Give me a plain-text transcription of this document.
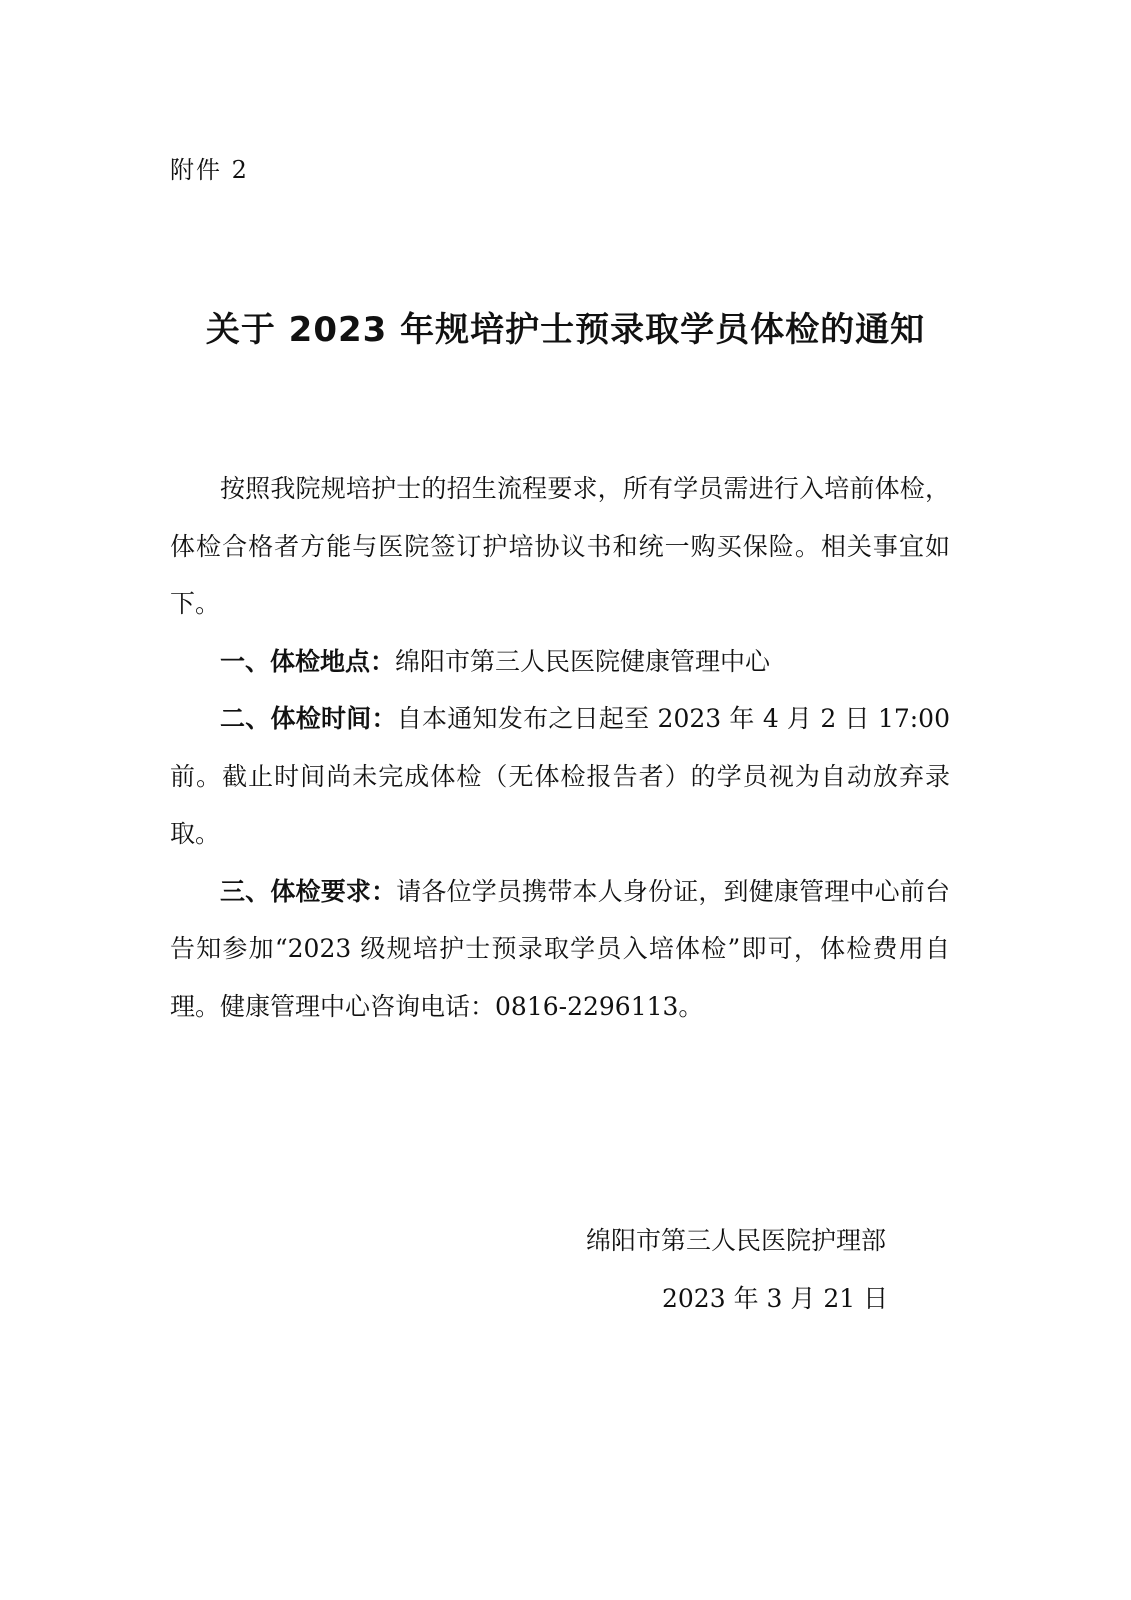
附件 2
关于 2023 年规培护士预录取学员体检的通知

按照我院规培护士的招生流程要求，所有学员需进行入培前体检，体检合格者方能与医院签订护培协议书和统一购买保险。相关事宜如下。

一、体检地点：绵阳市第三人民医院健康管理中心

二、体检时间：自本通知发布之日起至 2023 年 4 月 2 日 17:00 前。截止时间尚未完成体检（无体检报告者）的学员视为自动放弃录取。

三、体检要求：请各位学员携带本人身份证，到健康管理中心前台告知参加“2023 级规培护士预录取学员入培体检”即可，体检费用自理。健康管理中心咨询电话：0816-2296113。

绵阳市第三人民医院护理部
2023 年 3 月 21 日
